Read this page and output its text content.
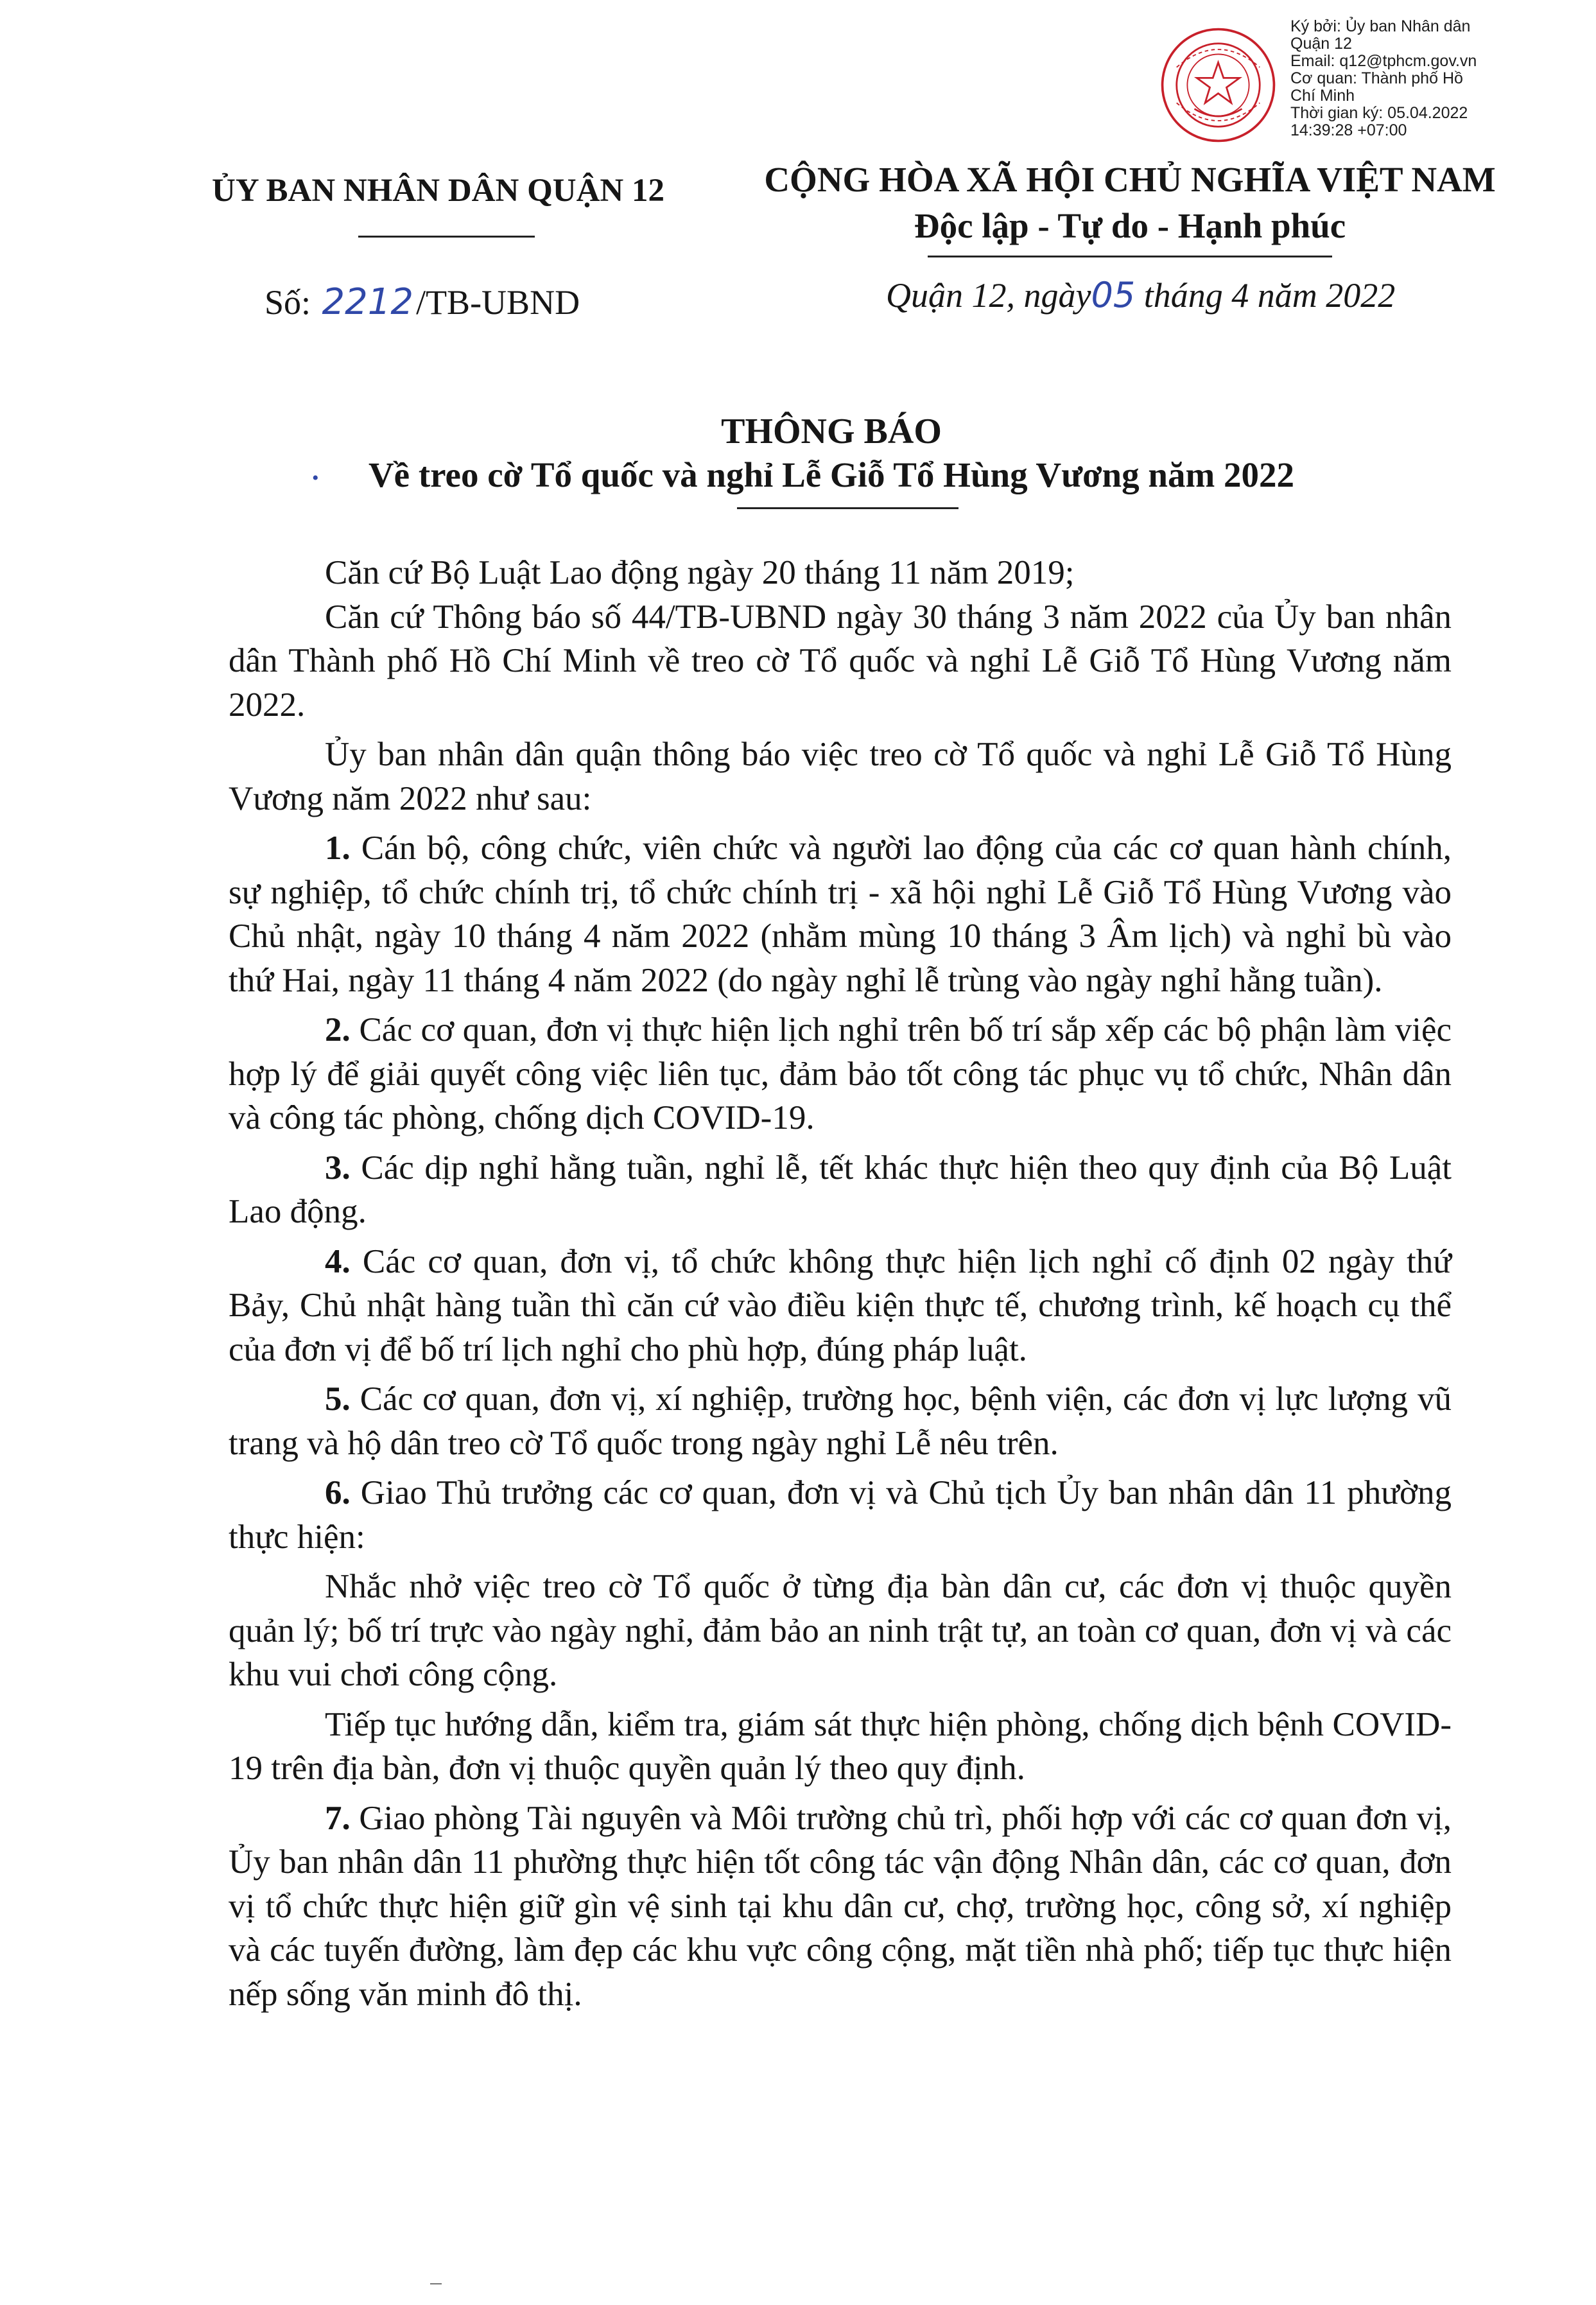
Ký bởi: Ủy ban Nhân dân
Quận 12
Email: q12@tphcm.gov.vn
Cơ quan: Thành phố Hồ
Chí Minh
Thời gian ký: 05.04.2022
14:39:28 +07:00
ỦY BAN NHÂN DÂN QUẬN 12
Số: 2212/TB-UBND
CỘNG HÒA XÃ HỘI CHỦ NGHĨA VIỆT NAM
Độc lập - Tự do - Hạnh phúc
Quận 12, ngày05 tháng 4 năm 2022
THÔNG BÁO
•	Về treo cờ Tổ quốc và nghỉ Lễ Giỗ Tổ Hùng Vương năm 2022

Căn cứ Bộ Luật Lao động ngày 20 tháng 11 năm 2019;

Căn cứ Thông báo số 44/TB-UBND ngày 30 tháng 3 năm 2022 của Ủy ban nhân dân Thành phố Hồ Chí Minh về treo cờ Tổ quốc và nghỉ Lễ Giỗ Tổ Hùng Vương năm 2022.

Ủy ban nhân dân quận thông báo việc treo cờ Tổ quốc và nghỉ Lễ Giỗ Tổ Hùng Vương năm 2022 như sau:

1. Cán bộ, công chức, viên chức và người lao động của các cơ quan hành chính, sự nghiệp, tổ chức chính trị, tổ chức chính trị - xã hội nghỉ Lễ Giỗ Tổ Hùng Vương vào Chủ nhật, ngày 10 tháng 4 năm 2022 (nhằm mùng 10 tháng 3 Âm lịch) và nghỉ bù vào thứ Hai, ngày 11 tháng 4 năm 2022 (do ngày nghỉ lễ trùng vào ngày nghỉ hằng tuần).

2. Các cơ quan, đơn vị thực hiện lịch nghỉ trên bố trí sắp xếp các bộ phận làm việc hợp lý để giải quyết công việc liên tục, đảm bảo tốt công tác phục vụ tổ chức, Nhân dân và công tác phòng, chống dịch COVID-19.

3. Các dịp nghỉ hằng tuần, nghỉ lễ, tết khác thực hiện theo quy định của Bộ Luật Lao động.

4. Các cơ quan, đơn vị, tổ chức không thực hiện lịch nghỉ cố định 02 ngày thứ Bảy, Chủ nhật hàng tuần thì căn cứ vào điều kiện thực tế, chương trình, kế hoạch cụ thể của đơn vị để bố trí lịch nghỉ cho phù hợp, đúng pháp luật.

5. Các cơ quan, đơn vị, xí nghiệp, trường học, bệnh viện, các đơn vị lực lượng vũ trang và hộ dân treo cờ Tổ quốc trong ngày nghỉ Lễ nêu trên.

6. Giao Thủ trưởng các cơ quan, đơn vị và Chủ tịch Ủy ban nhân dân 11 phường thực hiện:

Nhắc nhở việc treo cờ Tổ quốc ở từng địa bàn dân cư, các đơn vị thuộc quyền quản lý; bố trí trực vào ngày nghỉ, đảm bảo an ninh trật tự, an toàn cơ quan, đơn vị và các khu vui chơi công cộng.

Tiếp tục hướng dẫn, kiểm tra, giám sát thực hiện phòng, chống dịch bệnh COVID-19 trên địa bàn, đơn vị thuộc quyền quản lý theo quy định.

7. Giao phòng Tài nguyên và Môi trường chủ trì, phối hợp với các cơ quan đơn vị, Ủy ban nhân dân 11 phường thực hiện tốt công tác vận động Nhân dân, các cơ quan, đơn vị tổ chức thực hiện giữ gìn vệ sinh tại khu dân cư, chợ, trường học, công sở, xí nghiệp và các tuyến đường, làm đẹp các khu vực công cộng, mặt tiền nhà phố; tiếp tục thực hiện nếp sống văn minh đô thị.
